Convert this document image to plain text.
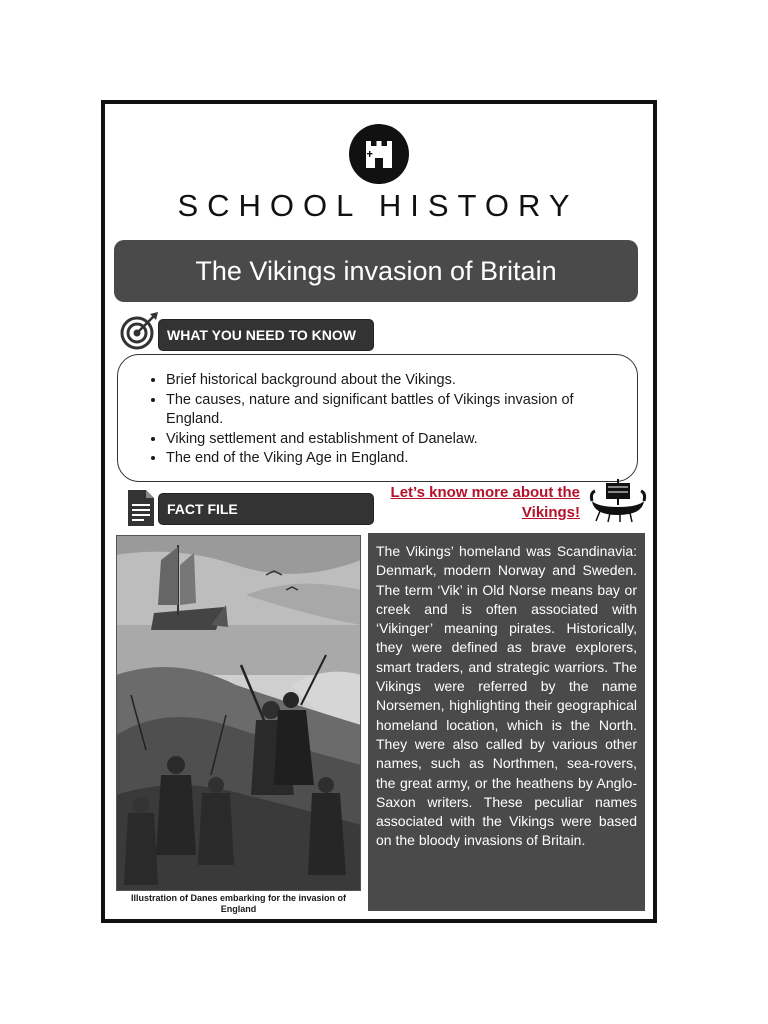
SCHOOL HISTORY
The Vikings invasion of Britain
WHAT YOU NEED TO KNOW
• Brief historical background about the Vikings.
• The causes, nature and significant battles of Vikings invasion of England.
• Viking settlement and establishment of Danelaw.
• The end of the Viking Age in England.
FACT FILE
Let’s know more about the Vikings!
Illustration of Danes embarking for the invasion of England

The Vikings’ homeland was Scandinavia: Denmark, modern Norway and Sweden. The term ‘Vik’ in Old Norse means bay or creek and is often associated with ‘Vikinger’ meaning pirates. Historically, they were defined as brave explorers, smart traders, and strategic warriors. The Vikings were referred by the name Norsemen, highlighting their geographical homeland location, which is the North. They were also called by various other names, such as Northmen, sea-rovers, the great army, or the heathens by Anglo-Saxon writers. These peculiar names associated with the Vikings were based on the bloody invasions of Britain.
